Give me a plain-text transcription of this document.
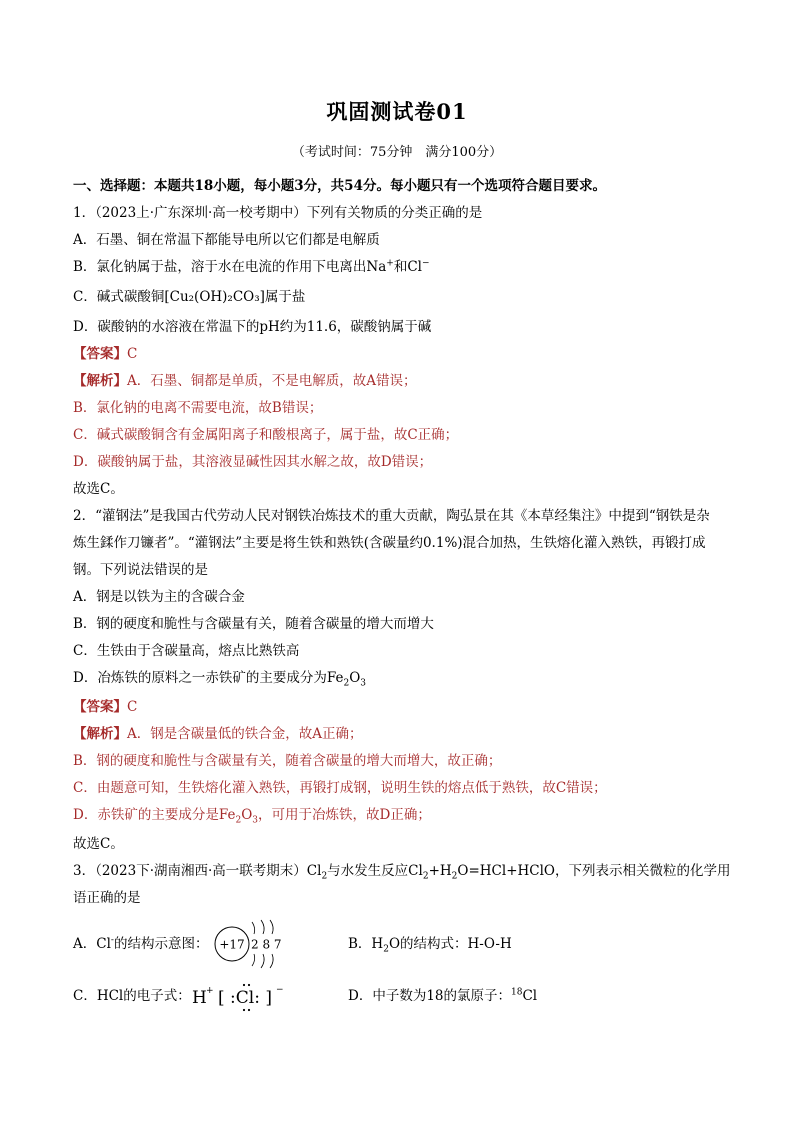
巩固测试卷01
（考试时间：75分钟　满分100分）
一、选择题：本题共18小题，每小题3分，共54分。每小题只有一个选项符合题目要求。
1．（2023上·广东深圳·高一校考期中）下列有关物质的分类正确的是
A．石墨、铜在常温下都能导电所以它们都是电解质
B．氯化钠属于盐，溶于水在电流的作用下电离出Na+和Cl−
C．碱式碳酸铜[Cu₂(OH)₂CO₃]属于盐
D．碳酸钠的水溶液在常温下的pH约为11.6，碳酸钠属于碱
【答案】C
【解析】A．石墨、铜都是单质，不是电解质，故A错误；
B．氯化钠的电离不需要电流，故B错误；
C．碱式碳酸铜含有金属阳离子和酸根离子，属于盐，故C正确；
D．碳酸钠属于盐，其溶液显碱性因其水解之故，故D错误；
故选C。
2．“灌钢法”是我国古代劳动人民对钢铁冶炼技术的重大贡献，陶弘景在其《本草经集注》中提到“钢铁是杂
炼生鍒作刀镰者”。“灌钢法”主要是将生铁和熟铁(含碳量约0.1%)混合加热，生铁熔化灌入熟铁，再锻打成
钢。下列说法错误的是
A．钢是以铁为主的含碳合金
B．钢的硬度和脆性与含碳量有关，随着含碳量的增大而增大
C．生铁由于含碳量高，熔点比熟铁高
D．冶炼铁的原料之一赤铁矿的主要成分为$Fe_2O_3$
【答案】C
【解析】A．钢是含碳量低的铁合金，故A正确；
B．钢的硬度和脆性与含碳量有关，随着含碳量的增大而增大，故正确；
C．由题意可知，生铁熔化灌入熟铁，再锻打成钢，说明生铁的熔点低于熟铁，故C错误；
D．赤铁矿的主要成分是$Fe_2O_3$，可用于冶炼铁，故D正确；
故选C。
3．（2023下·湖南湘西·高一联考期末）$Cl_2$与水发生反应$Cl_2+H_2O=HCl+HClO$，下列表示相关微粒的化学用
语正确的是
A．Cl-的结构示意图： +17 2 8 7	B．$H_2O$的结构式：H-O-H
C．HCl的电子式： H + [ :Cl: ] −	D．中子数为18的氯原子：$^{18}$Cl
